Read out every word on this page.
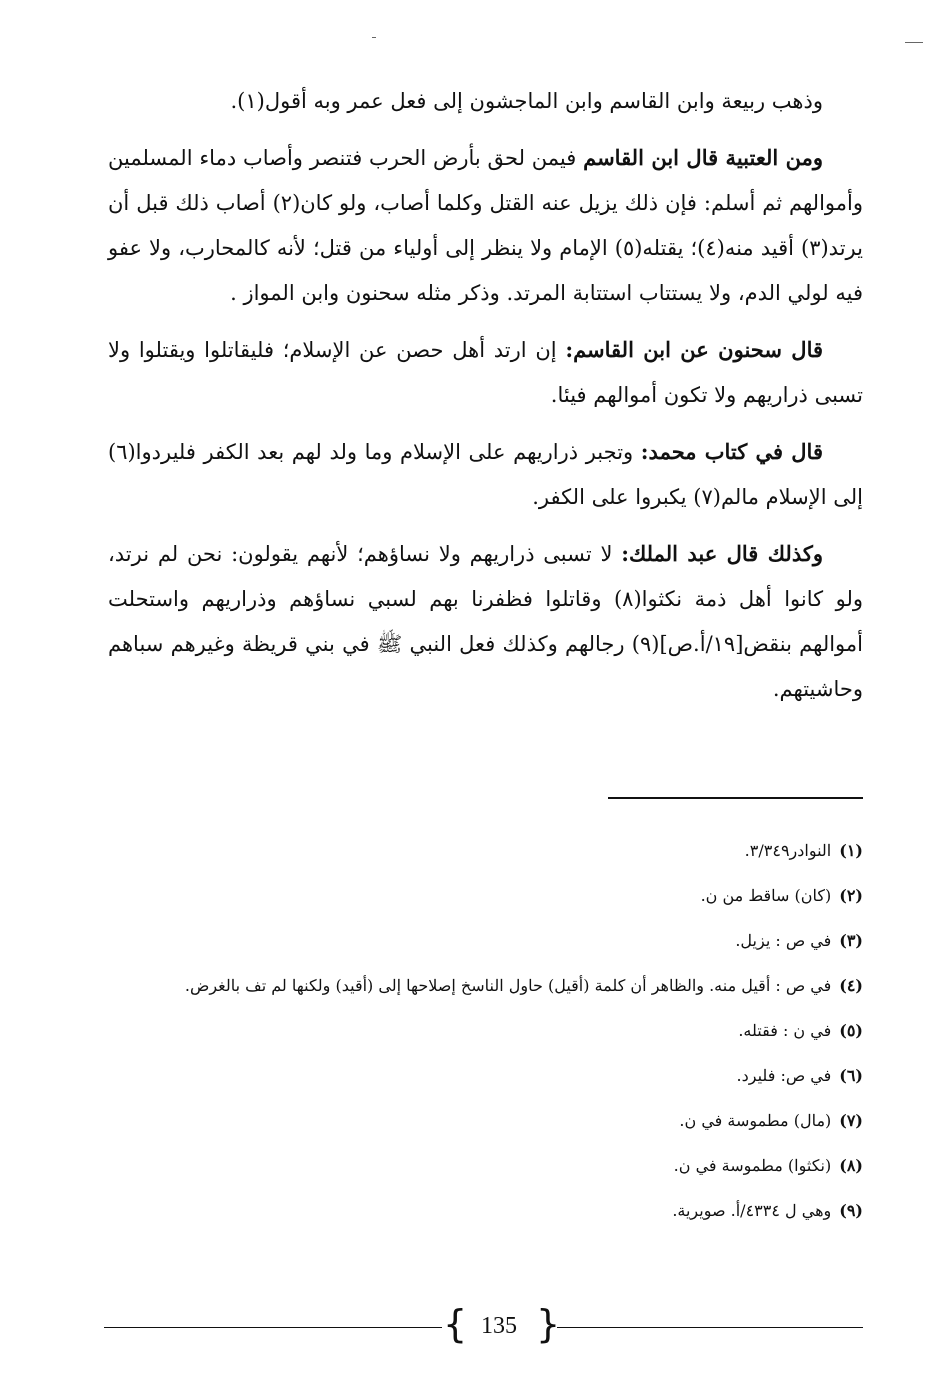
وذهب ربيعة وابن القاسم وابن الماجشون إلى فعل عمر وبه أقول(١).

ومن العتبية قال ابن القاسم فيمن لحق بأرض الحرب فتنصر وأصاب دماء المسلمين وأموالهم ثم أسلم: فإن ذلك يزيل عنه القتل وكلما أصاب، ولو كان(٢) أصاب ذلك قبل أن يرتد(٣) أقيد منه(٤)؛ يقتله(٥) الإمام ولا ينظر إلى أولياء من قتل؛ لأنه كالمحارب، ولا عفو فيه لولي الدم، ولا يستتاب استتابة المرتد. وذكر مثله سحنون وابن المواز .

قال سحنون عن ابن القاسم: إن ارتد أهل حصن عن الإسلام؛ فليقاتلوا ويقتلوا ولا تسبى ذراريهم ولا تكون أموالهم فيئا.

قال في كتاب محمد: وتجبر ذراريهم على الإسلام وما ولد لهم بعد الكفر فليردوا(٦) إلى الإسلام مالم(٧) يكبروا على الكفر.

وكذلك قال عبد الملك: لا تسبى ذراريهم ولا نساؤهم؛ لأنهم يقولون: نحن لم نرتد، ولو كانوا أهل ذمة نكثوا(٨) وقاتلوا فظفرنا بهم لسبي نساؤهم وذراريهم واستحلت أموالهم بنقض[١٩/أ.ص](٩) رجالهم وكذلك فعل النبي ﷺ في بني قريظة وغيرهم سباهم وحاشيتهم.

(١)النوادر٣/٣٤٩.

(٢)(كان) ساقط من ن.

(٣)في ص : يزيل.

(٤)في ص : أقيل منه. والظاهر أن كلمة (أقيل) حاول الناسخ إصلاحها إلى (أقيد) ولكنها لم تف بالغرض.

(٥)في ن : فقتله.

(٦)في ص: فليرد.

(٧)(مال) مطموسة في ن.

(٨)(نكثوا) مطموسة في ن.

(٩)وهي ل ٤٣٣٤/أ. صويرية.

{ }
135
